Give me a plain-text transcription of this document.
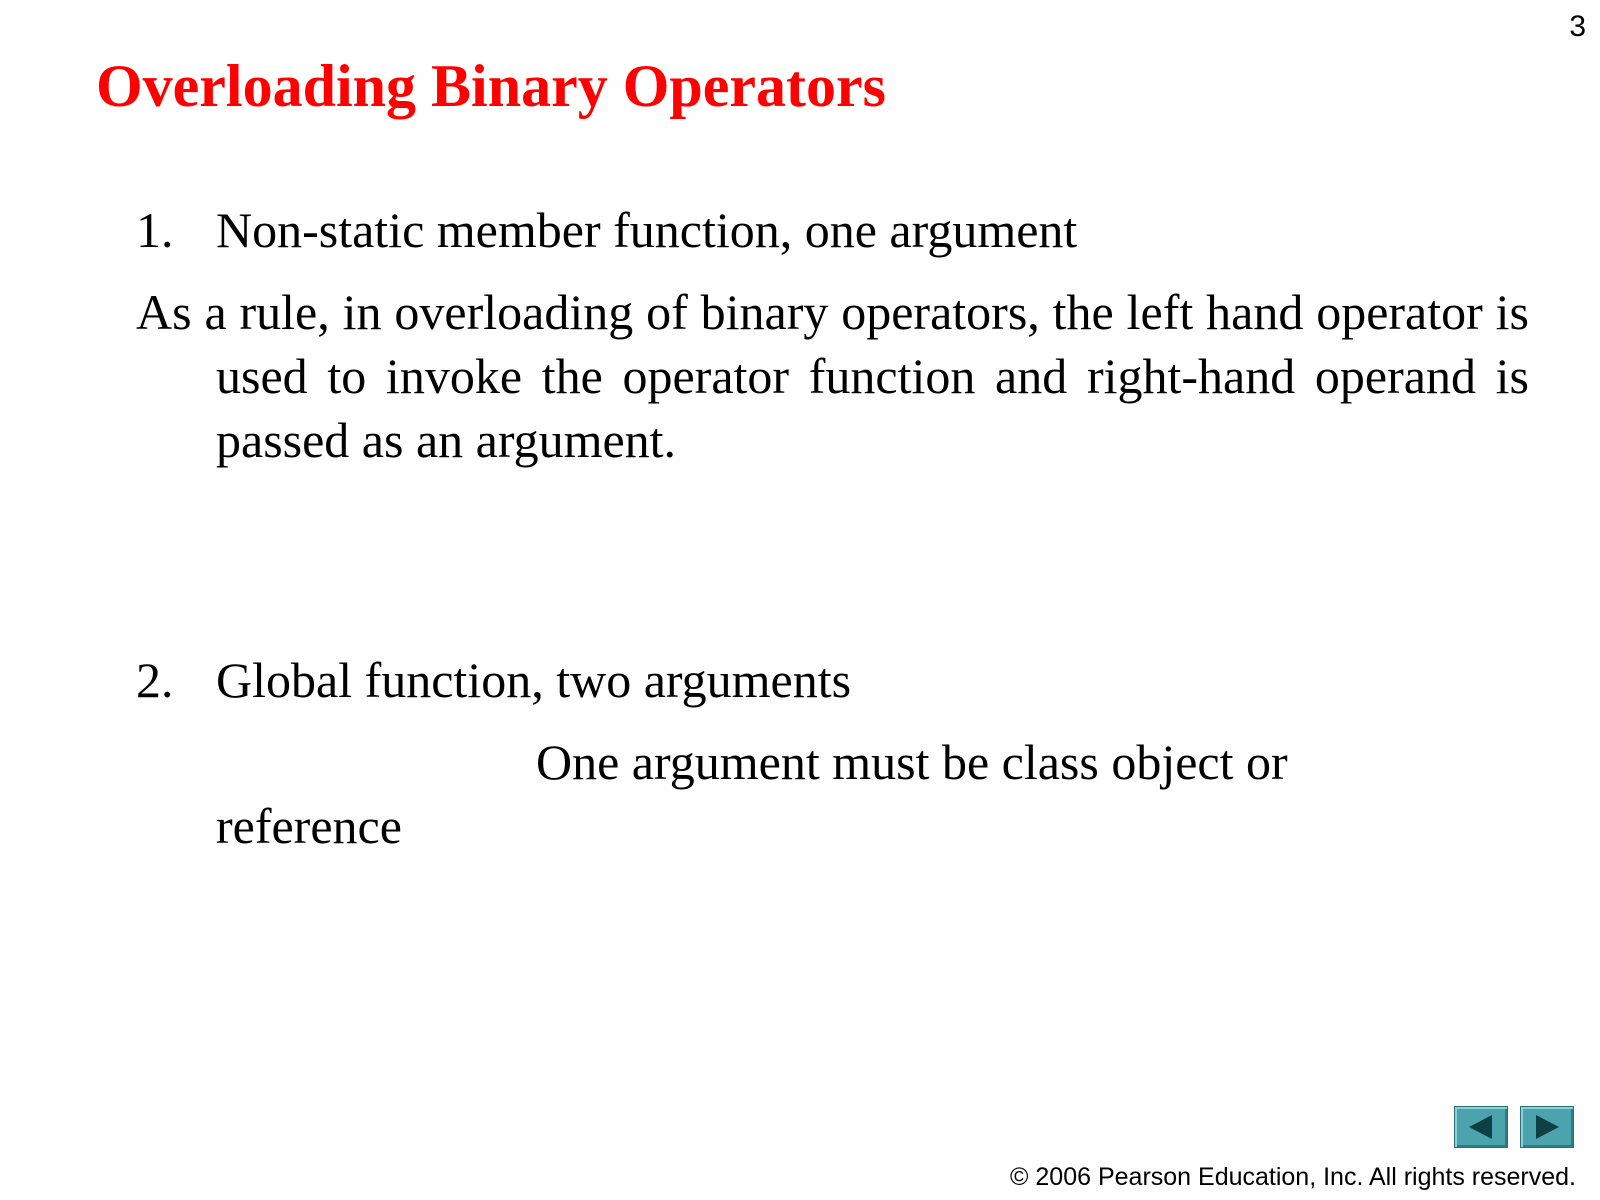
3
Overloading Binary Operators
1. Non-static member function, one argument

As a rule, in overloading of binary operators, the left hand operator is used to invoke the operator function and right-hand operand is passed as an argument.

2. Global function, two arguments
One argument must be class object or
reference
© 2006 Pearson Education, Inc. All rights reserved.
